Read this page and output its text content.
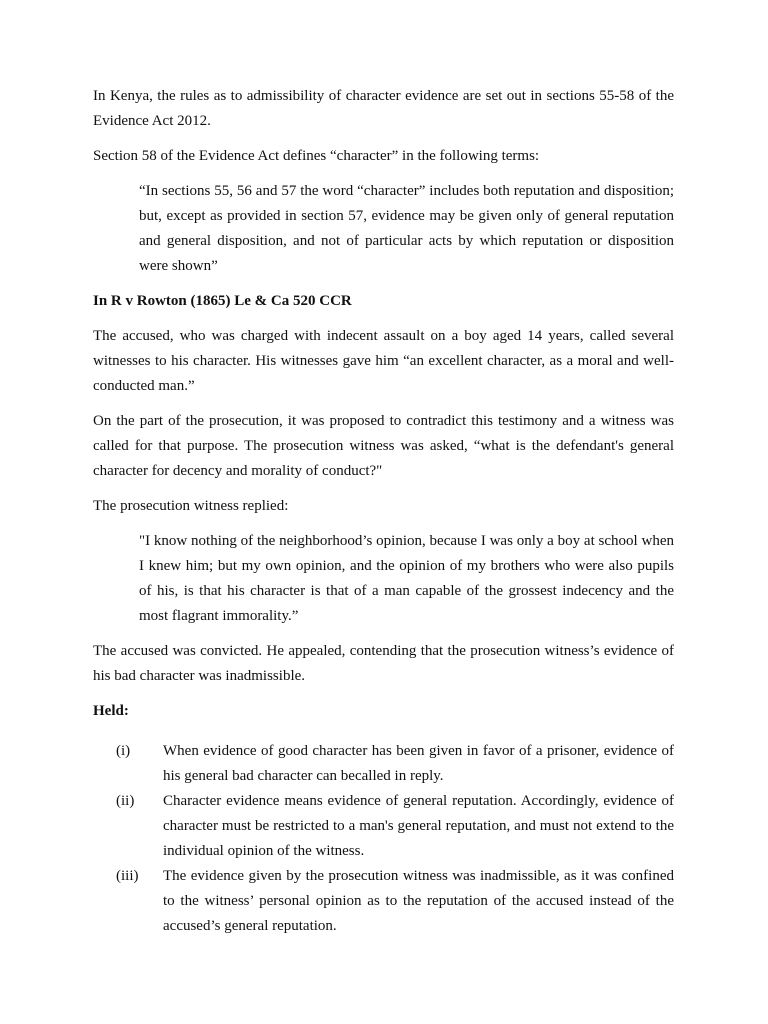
In Kenya, the rules as to admissibility of character evidence are set out in sections 55-58 of the Evidence Act 2012.

Section 58 of the Evidence Act defines “character” in the following terms:

“In sections 55, 56 and 57 the word “character” includes both reputation and disposition; but, except as provided in section 57, evidence may be given only of general reputation and general disposition, and not of particular acts by which reputation or disposition were shown”

In R v Rowton (1865) Le & Ca 520 CCR

The accused, who was charged with indecent assault on a boy aged 14 years, called several witnesses to his character. His witnesses gave him “an excellent character, as a moral and well-conducted man.”

On the part of the prosecution, it was proposed to contradict this testimony and a witness was called for that purpose. The prosecution witness was asked, “what is the defendant's general character for decency and morality of conduct?"

The prosecution witness replied:

"I know nothing of the neighborhood’s opinion, because I was only a boy at school when I knew him; but my own opinion, and the opinion of my brothers who were also pupils of his, is that his character is that of a man capable of the grossest indecency and the most flagrant immorality.”

The accused was convicted. He appealed, contending that the prosecution witness’s evidence of his bad character was inadmissible.

Held:

(i)	When evidence of good character has been given in favor of a prisoner, evidence of his general bad character can becalled in reply.
(ii)	Character evidence means evidence of general reputation. Accordingly, evidence of character must be restricted to a man's general reputation, and must not extend to the individual opinion of the witness.
(iii)	The evidence given by the prosecution witness was inadmissible, as it was confined to the witness’ personal opinion as to the reputation of the accused instead of the accused’s general reputation.
